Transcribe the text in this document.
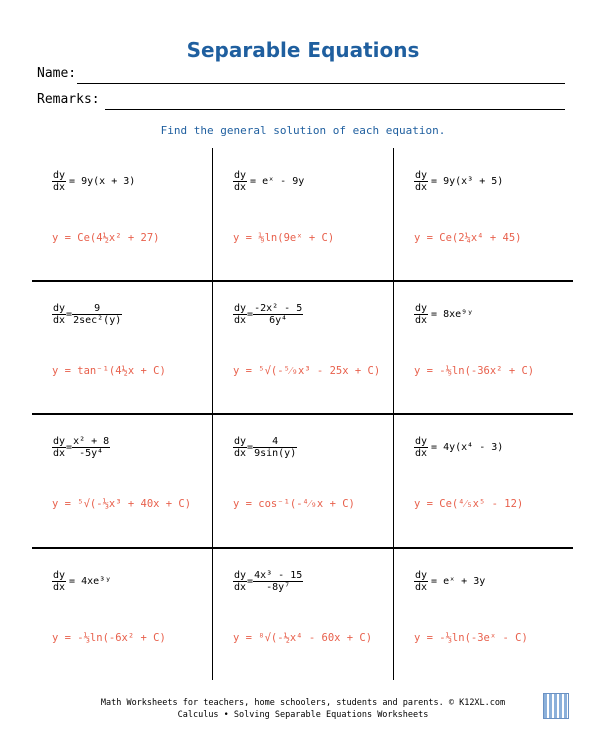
Separable Equations
Name:
Remarks:
Find the general solution of each equation.
$\frac{dy}{dx} = 9y(x + 3)$
y = Ce(4½x² + 27)
$\frac{dy}{dx}$ = eˣ - 9y
y = ⅑ln(9eˣ + C)
$\frac{dy}{dx} = 9y(x^3 + 5)$
y = Ce(2¼x⁴ + 45)
$\frac{dy}{dx} = \frac{9}{\text{2sec²(y)}}$
y = tan⁻¹(4½x + C)
$\frac{dy}{dx} = \frac{\text{-2x² - 5}}{\text{6y⁴}}$
y = ⁵√(-⁵⁄₉x³ - 25x + C)
$\frac{dy}{dx}$ = 8xe⁹ʸ
y = -⅑ln(-36x² + C)
$\frac{dy}{dx} = \frac{\text{x² + 8}}{\text{-5y⁴}}$
y = ⁵√(-⅓x³ + 40x + C)
$\frac{dy}{dx} = \frac{4}{9\sin(y)}$
y = cos⁻¹(-⁴⁄₉x + C)
$\frac{dy}{dx} = 4y(x^4 - 3)$
y = Ce(⁴⁄₅x⁵ - 12)
$\frac{dy}{dx}$ = 4xe³ʸ
y = -⅓ln(-6x² + C)
$\frac{dy}{dx} = \frac{\text{4x³ - 15}}{\text{-8y⁷}}$
y = ⁸√(-½x⁴ - 60x + C)
$\frac{dy}{dx}$ = eˣ + 3y
y = -⅓ln(-3eˣ - C)
Math Worksheets for teachers, home schoolers, students and parents. © K12XL.com
Calculus • Solving Separable Equations Worksheets
